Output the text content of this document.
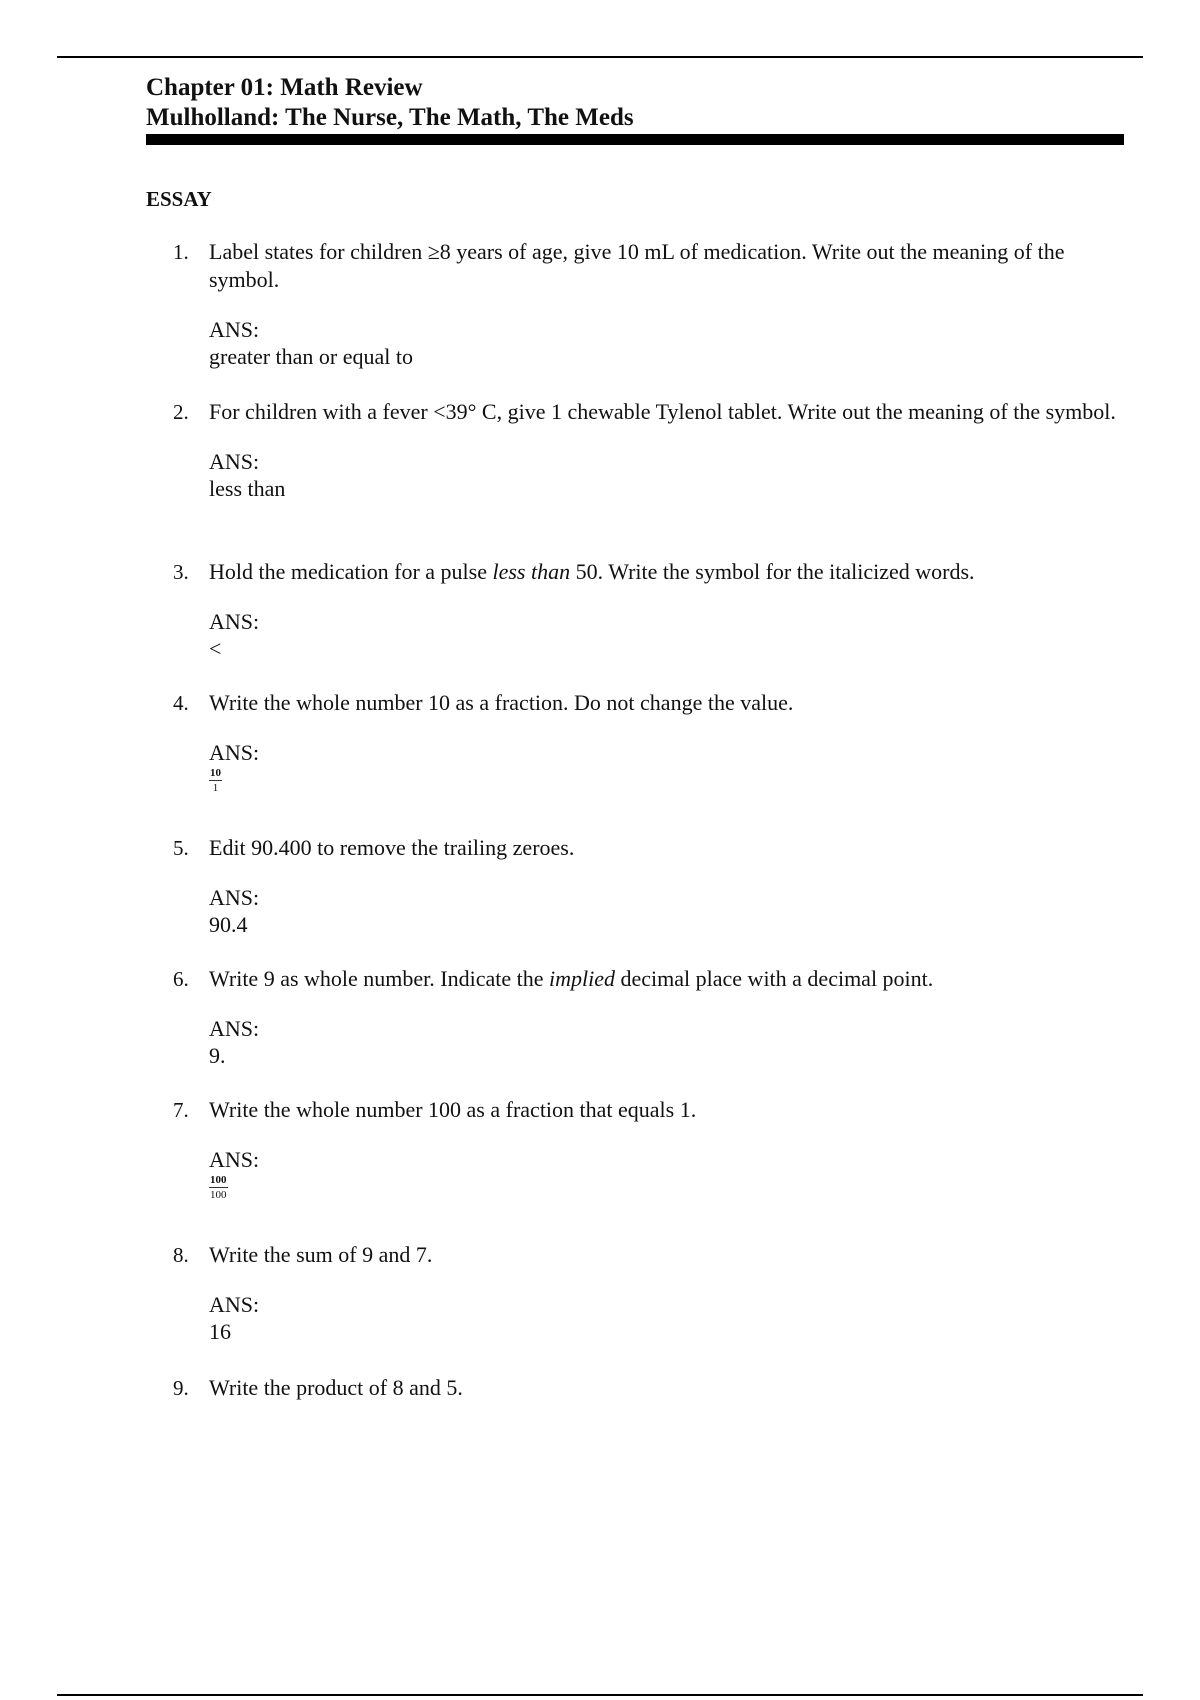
Chapter 01: Math Review
Mulholland: The Nurse, The Math, The Meds
ESSAY
1. Label states for children ≥8 years of age, give 10 mL of medication. Write out the meaning of the symbol.
ANS:
greater than or equal to
2. For children with a fever <39° C, give 1 chewable Tylenol tablet. Write out the meaning of the symbol.
ANS:
less than
3. Hold the medication for a pulse less than 50. Write the symbol for the italicized words.
ANS:
<
4. Write the whole number 10 as a fraction. Do not change the value.
ANS:
$\frac{10}{1}$
5. Edit 90.400 to remove the trailing zeroes.
ANS:
90.4
6. Write 9 as whole number. Indicate the implied decimal place with a decimal point.
ANS:
9.
7. Write the whole number 100 as a fraction that equals 1.
ANS:
$\frac{100}{100}$
8. Write the sum of 9 and 7.
ANS:
16
9. Write the product of 8 and 5.
